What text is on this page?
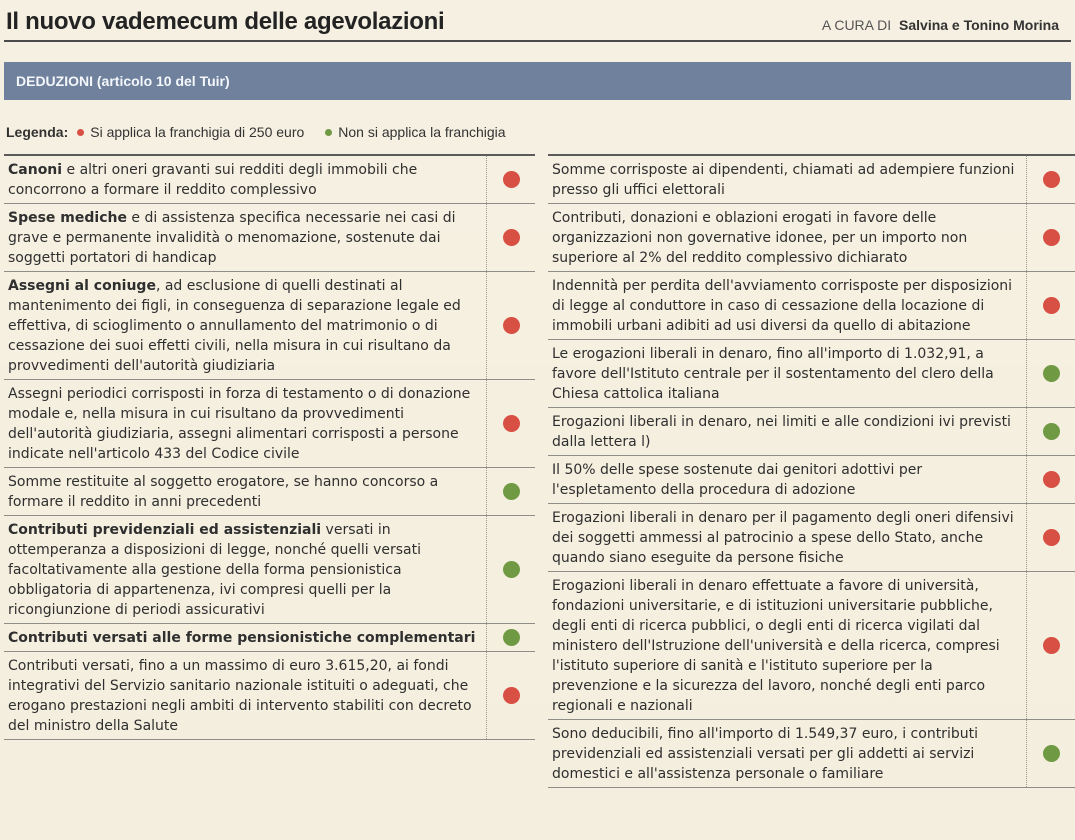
Il nuovo vademecum delle agevolazioni	A CURA DI Salvina e Tonino Morina
DEDUZIONI (articolo 10 del Tuir)
Legenda: Si applica la franchigia di 250 euro Non si applica la franchigia
Canoni e altri oneri gravanti sui redditi degli immobili che concorrono a formare il reddito complessivo
Spese mediche e di assistenza specifica necessarie nei casi di grave e permanente invalidità o menomazione, sostenute dai soggetti portatori di handicap
Assegni al coniuge, ad esclusione di quelli destinati al mantenimento dei figli, in conseguenza di separazione legale ed effettiva, di scioglimento o annullamento del matrimonio o di cessazione dei suoi effetti civili, nella misura in cui risultano da provvedimenti dell'autorità giudiziaria
Assegni periodici corrisposti in forza di testamento o di donazione modale e, nella misura in cui risultano da provvedimenti dell'autorità giudiziaria, assegni alimentari corrisposti a persone indicate nell'articolo 433 del Codice civile
Somme restituite al soggetto erogatore, se hanno concorso a formare il reddito in anni precedenti
Contributi previdenziali ed assistenziali versati in ottemperanza a disposizioni di legge, nonché quelli versati facoltativamente alla gestione della forma pensionistica obbligatoria di appartenenza, ivi compresi quelli per la ricongiunzione di periodi assicurativi
Contributi versati alle forme pensionistiche complementari
Contributi versati, fino a un massimo di euro 3.615,20, ai fondi integrativi del Servizio sanitario nazionale istituiti o adeguati, che erogano prestazioni negli ambiti di intervento stabiliti con decreto del ministro della Salute
Somme corrisposte ai dipendenti, chiamati ad adempiere funzioni presso gli uffici elettorali
Contributi, donazioni e oblazioni erogati in favore delle organizzazioni non governative idonee, per un importo non superiore al 2% del reddito complessivo dichiarato
Indennità per perdita dell'avviamento corrisposte per disposizioni di legge al conduttore in caso di cessazione della locazione di immobili urbani adibiti ad usi diversi da quello di abitazione
Le erogazioni liberali in denaro, fino all'importo di 1.032,91, a favore dell'Istituto centrale per il sostentamento del clero della Chiesa cattolica italiana
Erogazioni liberali in denaro, nei limiti e alle condizioni ivi previsti dalla lettera l)
Il 50% delle spese sostenute dai genitori adottivi per l'espletamento della procedura di adozione
Erogazioni liberali in denaro per il pagamento degli oneri difensivi dei soggetti ammessi al patrocinio a spese dello Stato, anche quando siano eseguite da persone fisiche
Erogazioni liberali in denaro effettuate a favore di università, fondazioni universitarie, e di istituzioni universitarie pubbliche, degli enti di ricerca pubblici, o degli enti di ricerca vigilati dal ministero dell'Istruzione dell'università e della ricerca, compresi l'istituto superiore di sanità e l'istituto superiore per la prevenzione e la sicurezza del lavoro, nonché degli enti parco regionali e nazionali
Sono deducibili, fino all'importo di 1.549,37 euro, i contributi previdenziali ed assistenziali versati per gli addetti ai servizi domestici e all'assistenza personale o familiare
